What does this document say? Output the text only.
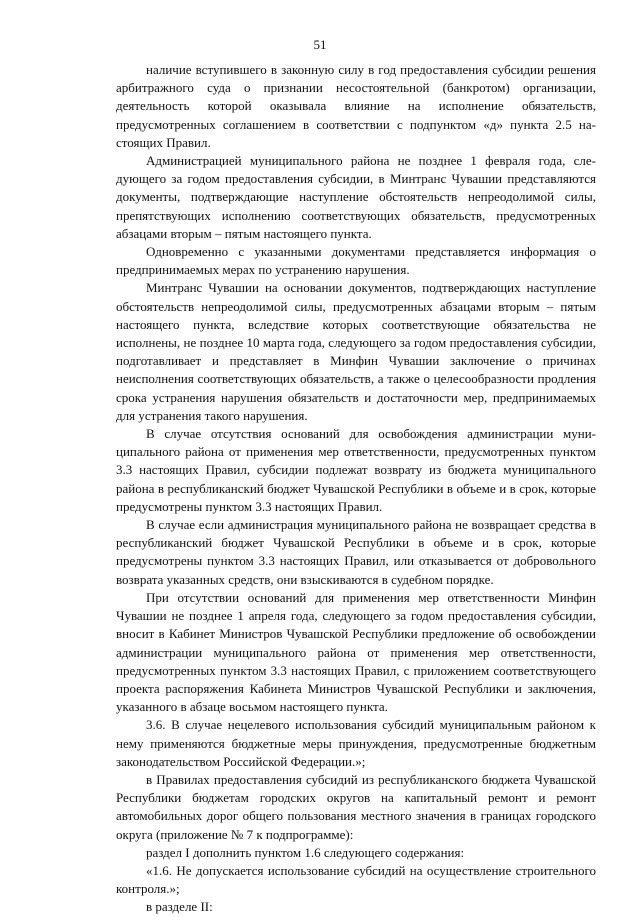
51

наличие вступившего в законную силу в год предоставления субсидии решения арбитражного суда о признании несостоятельной (банкротом) организации, деятельность которой оказывала влияние на исполнение обязательств, предусмотренных соглашением в соответствии с подпунктом «д» пункта 2.5 настоящих Правил.

Администрацией муниципального района не позднее 1 февраля года, следующего за годом предоставления субсидии, в Минтранс Чувашии представляются документы, подтверждающие наступление обстоятельств непреодолимой силы, препятствующих исполнению соответствующих обязательств, предусмотренных абзацами вторым – пятым настоящего пункта.

Одновременно с указанными документами представляется информация о предпринимаемых мерах по устранению нарушения.

Минтранс Чувашии на основании документов, подтверждающих наступление обстоятельств непреодолимой силы, предусмотренных абзацами вторым – пятым настоящего пункта, вследствие которых соответствующие обязательства не исполнены, не позднее 10 марта года, следующего за годом предоставления субсидии, подготавливает и представляет в Минфин Чувашии заключение о причинах неисполнения соответствующих обязательств, а также о целесообразности продления срока устранения нарушения обязательств и достаточности мер, предпринимаемых для устранения такого нарушения.

В случае отсутствия оснований для освобождения администрации муниципального района от применения мер ответственности, предусмотренных пунктом 3.3 настоящих Правил, субсидии подлежат возврату из бюджета муниципального района в республиканский бюджет Чувашской Республики в объеме и в срок, которые предусмотрены пунктом 3.3 настоящих Правил.

В случае если администрация муниципального района не возвращает средства в республиканский бюджет Чувашской Республики в объеме и в срок, которые предусмотрены пунктом 3.3 настоящих Правил, или отказывается от добровольного возврата указанных средств, они взыскиваются в судебном порядке.

При отсутствии оснований для применения мер ответственности Минфин Чувашии не позднее 1 апреля года, следующего за годом предоставления субсидии, вносит в Кабинет Министров Чувашской Республики предложение об освобождении администрации муниципального района от применения мер ответственности, предусмотренных пунктом 3.3 настоящих Правил, с приложением соответствующего проекта распоряжения Кабинета Министров Чувашской Республики и заключения, указанного в абзаце восьмом настоящего пункта.

3.6. В случае нецелевого использования субсидий муниципальным районом к нему применяются бюджетные меры принуждения, предусмотренные бюджетным законодательством Российской Федерации.»;

в Правилах предоставления субсидий из республиканского бюджета Чувашской Республики бюджетам городских округов на капитальный ремонт и ремонт автомобильных дорог общего пользования местного значения в границах городского округа (приложение № 7 к подпрограмме):

раздел I дополнить пунктом 1.6 следующего содержания:

«1.6. Не допускается использование субсидий на осуществление строительного контроля.»;

в разделе II:
